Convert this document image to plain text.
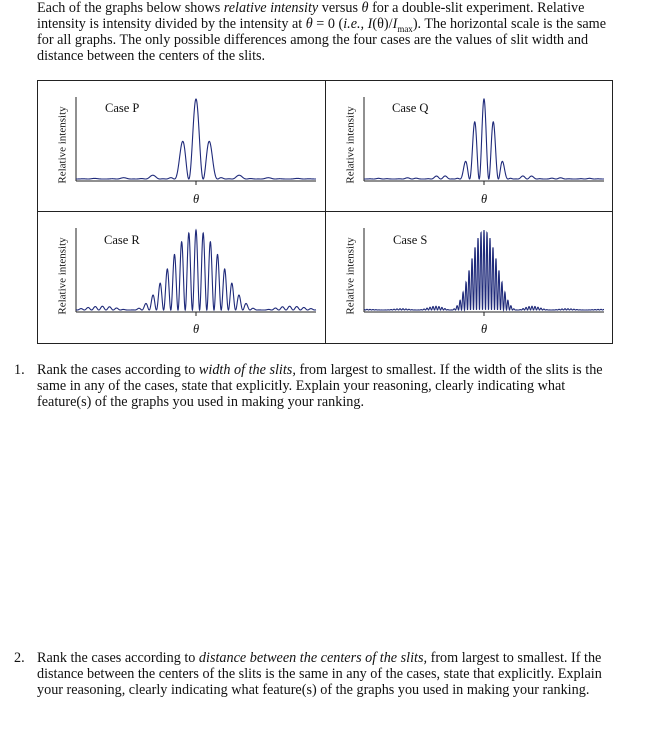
Each of the graphs below shows relative intensity versus θ for a double-slit experiment. Relative intensity is intensity divided by the intensity at θ = 0 (i.e., $I(\theta)/I_{max}$). The horizontal scale is the same for all graphs. The only possible differences among the four cases are the values of slit width and distance between the centers of the slits.

Relative intensity	Case P
θ
Relative intensity	Case Q
θ
Relative intensity	Case R
θ
Relative intensity	Case S
θ
1. Rank the cases according to width of the slits, from largest to smallest. If the width of the slits is the same in any of the cases, state that explicitly. Explain your reasoning, clearly indicating what feature(s) of the graphs you used in making your ranking.
2. Rank the cases according to distance between the centers of the slits, from largest to smallest. If the distance between the centers of the slits is the same in any of the cases, state that explicitly. Explain your reasoning, clearly indicating what feature(s) of the graphs you used in making your ranking.
